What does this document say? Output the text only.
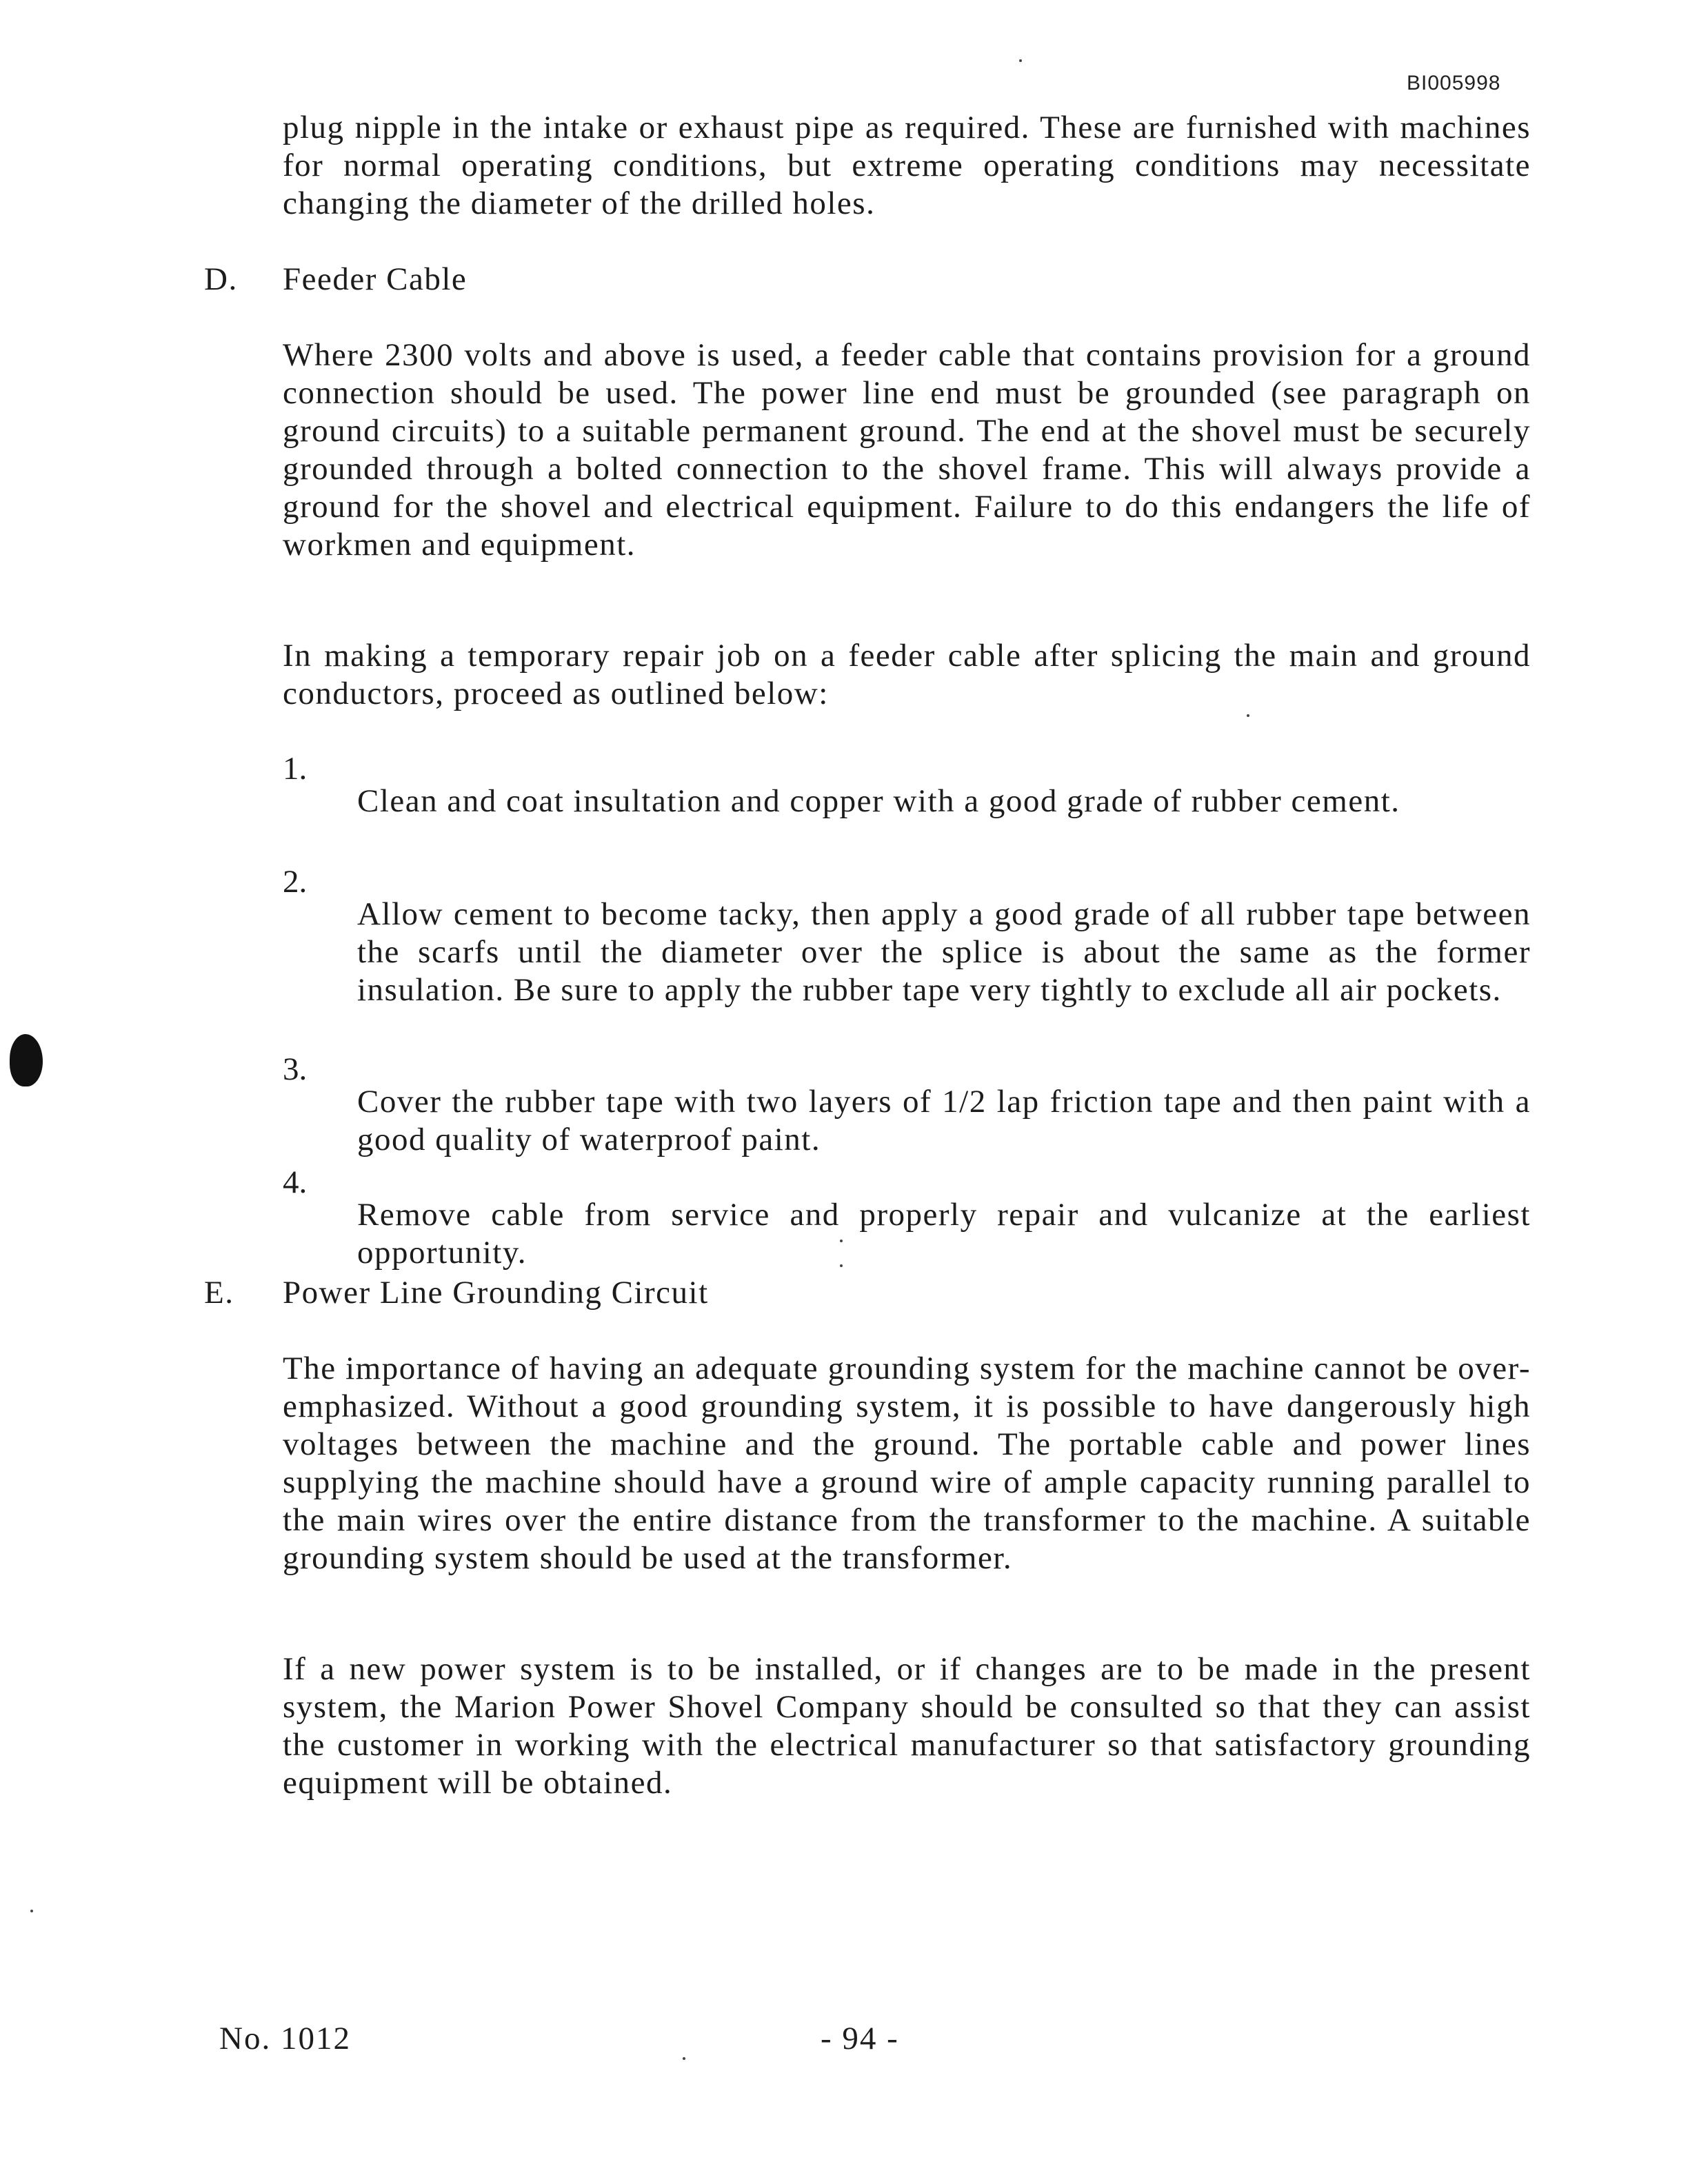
BI005998

plug nipple in the intake or exhaust pipe as required. These are furnished with machines for normal operating conditions, but extreme operating conditions may necessitate changing the diameter of the drilled holes.

D. Feeder Cable

Where 2300 volts and above is used, a feeder cable that contains provision for a ground connection should be used. The power line end must be grounded (see paragraph on ground circuits) to a suitable permanent ground. The end at the shovel must be securely grounded through a bolted connection to the shovel frame. This will always provide a ground for the shovel and electrical equipment. Failure to do this endangers the life of workmen and equipment.

In making a temporary repair job on a feeder cable after splicing the main and ground conductors, proceed as outlined below:

1.

Clean and coat insultation and copper with a good grade of rubber cement.

2.

Allow cement to become tacky, then apply a good grade of all rubber tape between the scarfs until the diameter over the splice is about the same as the former insulation. Be sure to apply the rubber tape very tightly to exclude all air pockets.

3.

Cover the rubber tape with two layers of 1/2 lap friction tape and then paint with a good quality of waterproof paint.

4.

Remove cable from service and properly repair and vulcanize at the earliest opportunity.

E. Power Line Grounding Circuit

The importance of having an adequate grounding system for the machine cannot be over-emphasized. Without a good grounding system, it is possible to have dangerously high voltages between the machine and the ground. The portable cable and power lines supplying the machine should have a ground wire of ample capacity running parallel to the main wires over the entire distance from the transformer to the machine. A suitable grounding system should be used at the transformer.

If a new power system is to be installed, or if changes are to be made in the present system, the Marion Power Shovel Company should be consulted so that they can assist the customer in working with the electrical manufacturer so that satisfactory grounding equipment will be obtained.

No. 1012	- 94 -
